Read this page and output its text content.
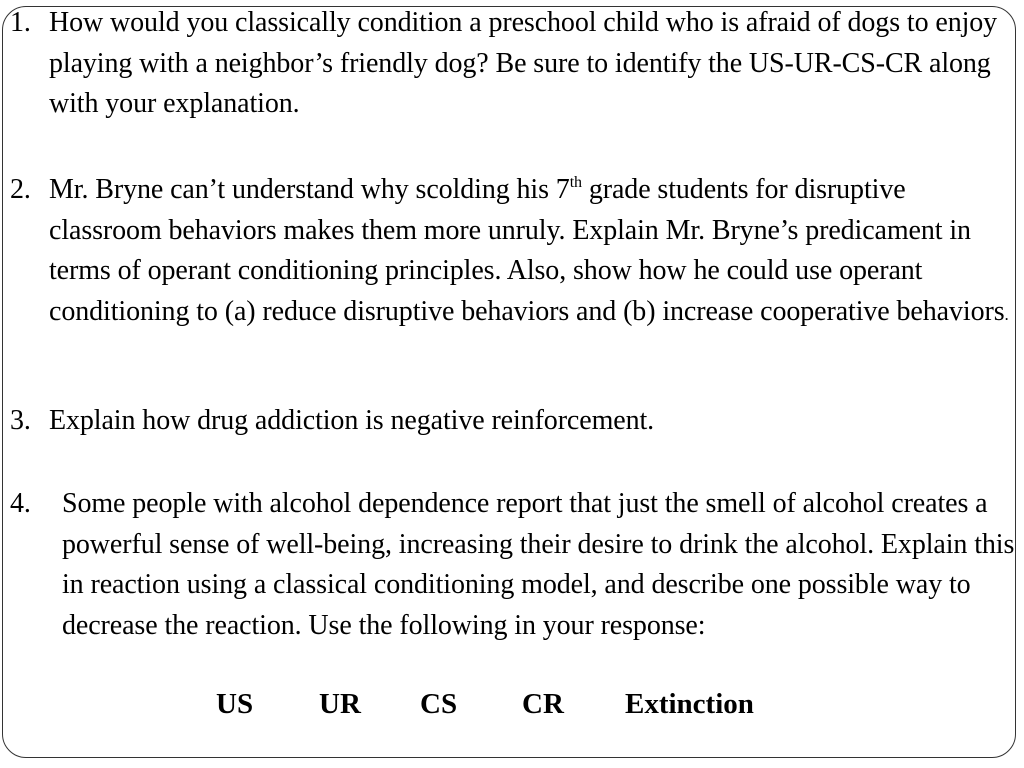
1. How would you classically condition a preschool child who is afraid of dogs to enjoy playing with a neighbor’s friendly dog? Be sure to identify the US-UR-CS-CR along with your explanation.

2. Mr. Bryne can’t understand why scolding his 7th grade students for disruptive classroom behaviors makes them more unruly. Explain Mr. Bryne’s predicament in terms of operant conditioning principles. Also, show how he could use operant conditioning to (a) reduce disruptive behaviors and (b) increase cooperative behaviors.

3. Explain how drug addiction is negative reinforcement.

4. Some people with alcohol dependence report that just the smell of alcohol creates a powerful sense of well-being, increasing their desire to drink the alcohol. Explain this in reaction using a classical conditioning model, and describe one possible way to decrease the reaction. Use the following in your response:

US UR CS CR Extinction
